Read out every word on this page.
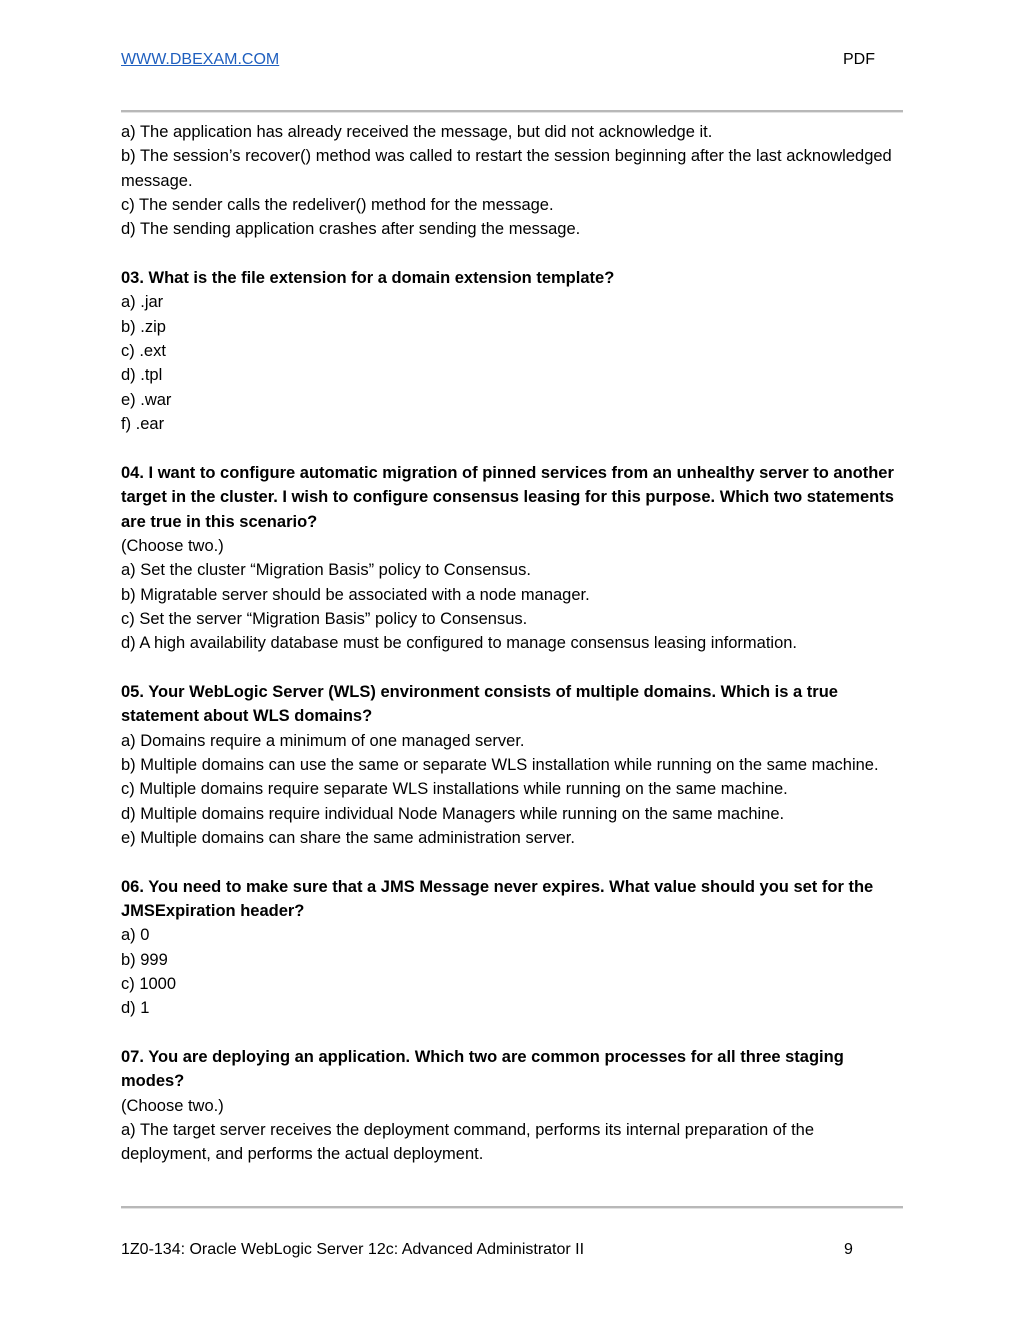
WWW.DBEXAM.COM	PDF

a) The application has already received the message, but did not acknowledge it.

b) The session’s recover() method was called to restart the session beginning after the last acknowledged message.

c) The sender calls the redeliver() method for the message.

d) The sending application crashes after sending the message.

03. What is the file extension for a domain extension template?

a) .jar

b) .zip

c) .ext

d) .tpl

e) .war

f) .ear

04. I want to configure automatic migration of pinned services from an unhealthy server to another target in the cluster. I wish to configure consensus leasing for this purpose. Which two statements are true in this scenario?

(Choose two.)

a) Set the cluster “Migration Basis” policy to Consensus.

b) Migratable server should be associated with a node manager.

c) Set the server “Migration Basis” policy to Consensus.

d) A high availability database must be configured to manage consensus leasing information.

05. Your WebLogic Server (WLS) environment consists of multiple domains. Which is a true statement about WLS domains?

a) Domains require a minimum of one managed server.

b) Multiple domains can use the same or separate WLS installation while running on the same machine.

c) Multiple domains require separate WLS installations while running on the same machine.

d) Multiple domains require individual Node Managers while running on the same machine.

e) Multiple domains can share the same administration server.

06. You need to make sure that a JMS Message never expires. What value should you set for the JMSExpiration header?

a) 0

b) 999

c) 1000

d) 1

07. You are deploying an application. Which two are common processes for all three staging modes?

(Choose two.)

a) The target server receives the deployment command, performs its internal preparation of the deployment, and performs the actual deployment.

1Z0-134: Oracle WebLogic Server 12c: Advanced Administrator II	9
